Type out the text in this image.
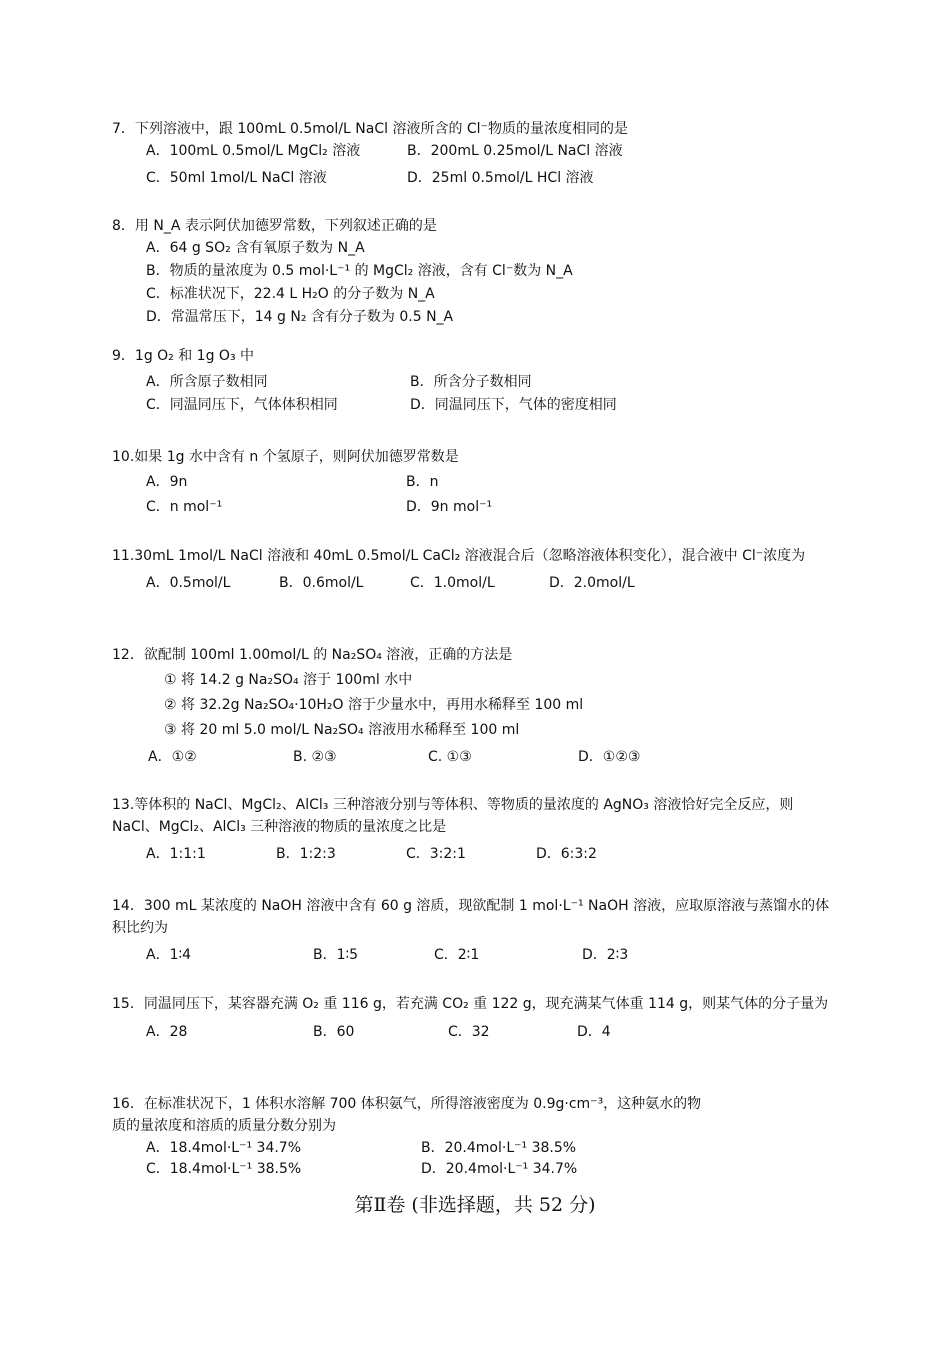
7．下列溶液中，跟 100mL 0.5mol/L NaCl 溶液所含的 Cl⁻物质的量浓度相同的是
A．100mL 0.5mol/L MgCl₂ 溶液	B．200mL 0.25mol/L NaCl 溶液
C．50ml 1mol/L NaCl 溶液	D．25ml 0.5mol/L HCl 溶液
8．用 N_A 表示阿伏加德罗常数，下列叙述正确的是
A．64 g SO₂ 含有氧原子数为 N_A
B．物质的量浓度为 0.5 mol·L⁻¹ 的 MgCl₂ 溶液，含有 Cl⁻数为 N_A
C．标准状况下，22.4 L H₂O 的分子数为 N_A
D．常温常压下，14 g N₂ 含有分子数为 0.5 N_A
9．1g O₂ 和 1g O₃ 中
A．所含原子数相同	B．所含分子数相同
C．同温同压下，气体体积相同	D．同温同压下，气体的密度相同
10.如果 1g 水中含有 n 个氢原子，则阿伏加德罗常数是
A．9n	B．n
C．n mol⁻¹	D．9n mol⁻¹
11.30mL 1mol/L NaCl 溶液和 40mL 0.5mol/L CaCl₂ 溶液混合后（忽略溶液体积变化），混合液中 Cl⁻浓度为
A．0.5mol/L	B．0.6mol/L	C．1.0mol/L	D．2.0mol/L
12．欲配制 100ml 1.00mol/L 的 Na₂SO₄ 溶液，正确的方法是
① 将 14.2 g Na₂SO₄ 溶于 100ml 水中
② 将 32.2g Na₂SO₄·10H₂O 溶于少量水中，再用水稀释至 100 ml
③ 将 20 ml 5.0 mol/L Na₂SO₄ 溶液用水稀释至 100 ml
A．①②	B. ②③	C. ①③	D．①②③
13.等体积的 NaCl、MgCl₂、AlCl₃ 三种溶液分别与等体积、等物质的量浓度的 AgNO₃ 溶液恰好完全反应，则 NaCl、MgCl₂、AlCl₃ 三种溶液的物质的量浓度之比是
A．1:1:1	B．1:2:3	C．3:2:1	D．6:3:2
14．300 mL 某浓度的 NaOH 溶液中含有 60 g 溶质，现欲配制 1 mol·L⁻¹ NaOH 溶液，应取原溶液与蒸馏水的体积比约为
A．1∶4	B．1∶5	C．2∶1	D．2∶3
15．同温同压下，某容器充满 O₂ 重 116 g，若充满 CO₂ 重 122 g，现充满某气体重 114 g，则某气体的分子量为
A．28	B．60	C．32	D．4
16．在标准状况下，1 体积水溶解 700 体积氨气，所得溶液密度为 0.9g·cm⁻³，这种氨水的物质的量浓度和溶质的质量分数分别为
A．18.4mol·L⁻¹ 34.7%	B．20.4mol·L⁻¹ 38.5%
C．18.4mol·L⁻¹ 38.5%	D．20.4mol·L⁻¹ 34.7%
第Ⅱ卷 (非选择题，共 52 分)
